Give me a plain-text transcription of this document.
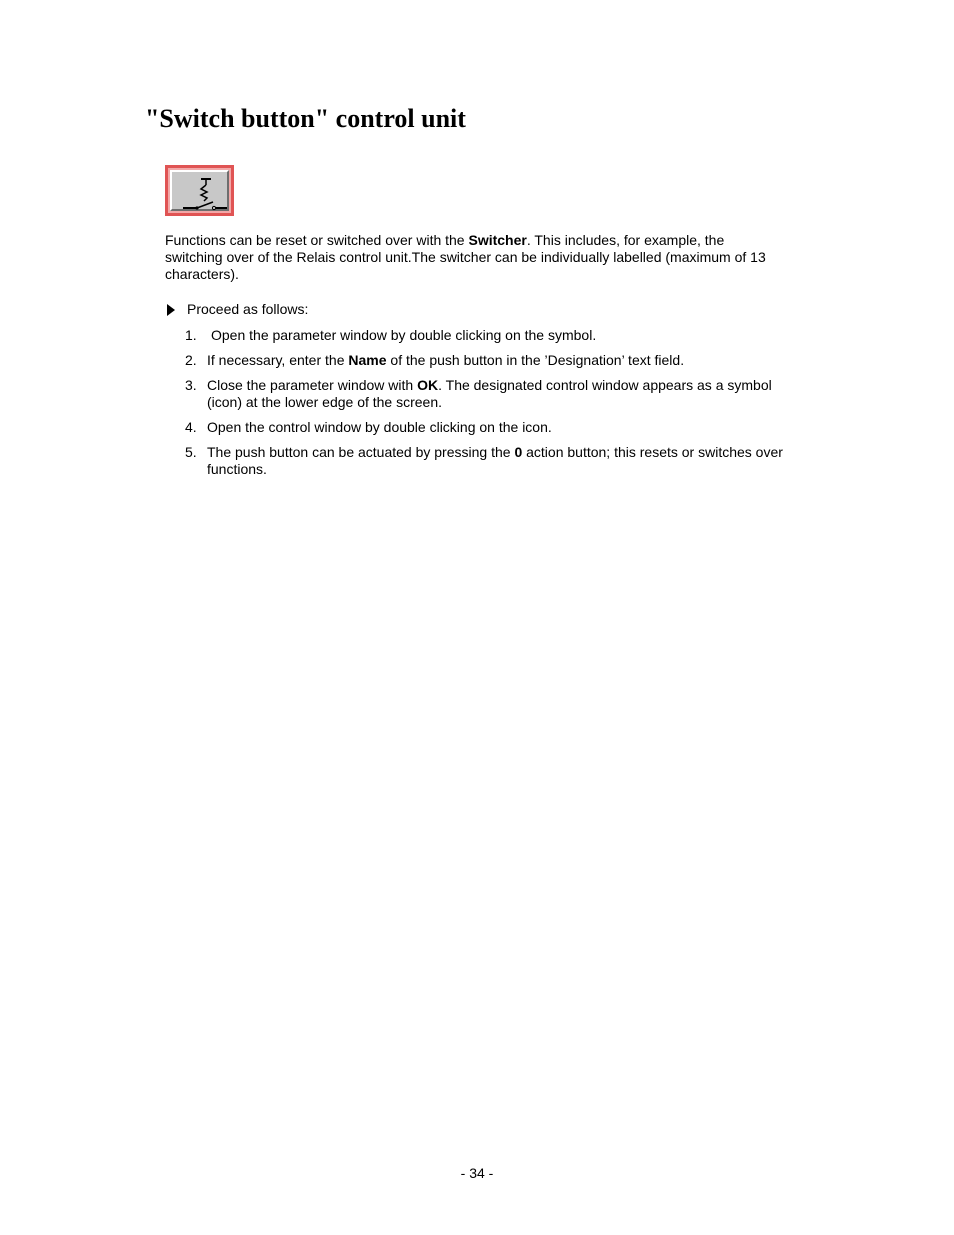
"Switch button" control unit

Functions can be reset or switched over with the Switcher. This includes, for example, the switching over of the Relais control unit.The switcher can be individually labelled (maximum of 13 characters).

Proceed as follows:
1. Open the parameter window by double clicking on the symbol.
2. If necessary, enter the Name of the push button in the ’Designation’ text field.
3. Close the parameter window with OK. The designated control window appears as a symbol (icon) at the lower edge of the screen.
4. Open the control window by double clicking on the icon.
5. The push button can be actuated by pressing the 0 action button; this resets or switches over functions.
- 34 -
